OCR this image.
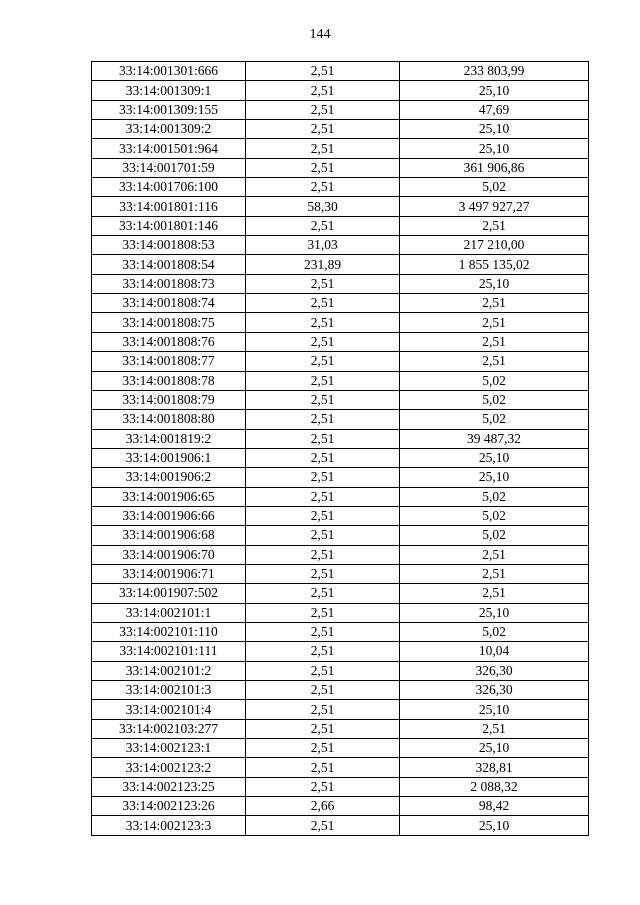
144
33:14:001301:666	2,51	233 803,99
33:14:001309:1	2,51	25,10
33:14:001309:155	2,51	47,69
33:14:001309:2	2,51	25,10
33:14:001501:964	2,51	25,10
33:14:001701:59	2,51	361 906,86
33:14:001706:100	2,51	5,02
33:14:001801:116	58,30	3 497 927,27
33:14:001801:146	2,51	2,51
33:14:001808:53	31,03	217 210,00
33:14:001808:54	231,89	1 855 135,02
33:14:001808:73	2,51	25,10
33:14:001808:74	2,51	2,51
33:14:001808:75	2,51	2,51
33:14:001808:76	2,51	2,51
33:14:001808:77	2,51	2,51
33:14:001808:78	2,51	5,02
33:14:001808:79	2,51	5,02
33:14:001808:80	2,51	5,02
33:14:001819:2	2,51	39 487,32
33:14:001906:1	2,51	25,10
33:14:001906:2	2,51	25,10
33:14:001906:65	2,51	5,02
33:14:001906:66	2,51	5,02
33:14:001906:68	2,51	5,02
33:14:001906:70	2,51	2,51
33:14:001906:71	2,51	2,51
33:14:001907:502	2,51	2,51
33:14:002101:1	2,51	25,10
33:14:002101:110	2,51	5,02
33:14:002101:111	2,51	10,04
33:14:002101:2	2,51	326,30
33:14:002101:3	2,51	326,30
33:14:002101:4	2,51	25,10
33:14:002103:277	2,51	2,51
33:14:002123:1	2,51	25,10
33:14:002123:2	2,51	328,81
33:14:002123:25	2,51	2 088,32
33:14:002123:26	2,66	98,42
33:14:002123:3	2,51	25,10
